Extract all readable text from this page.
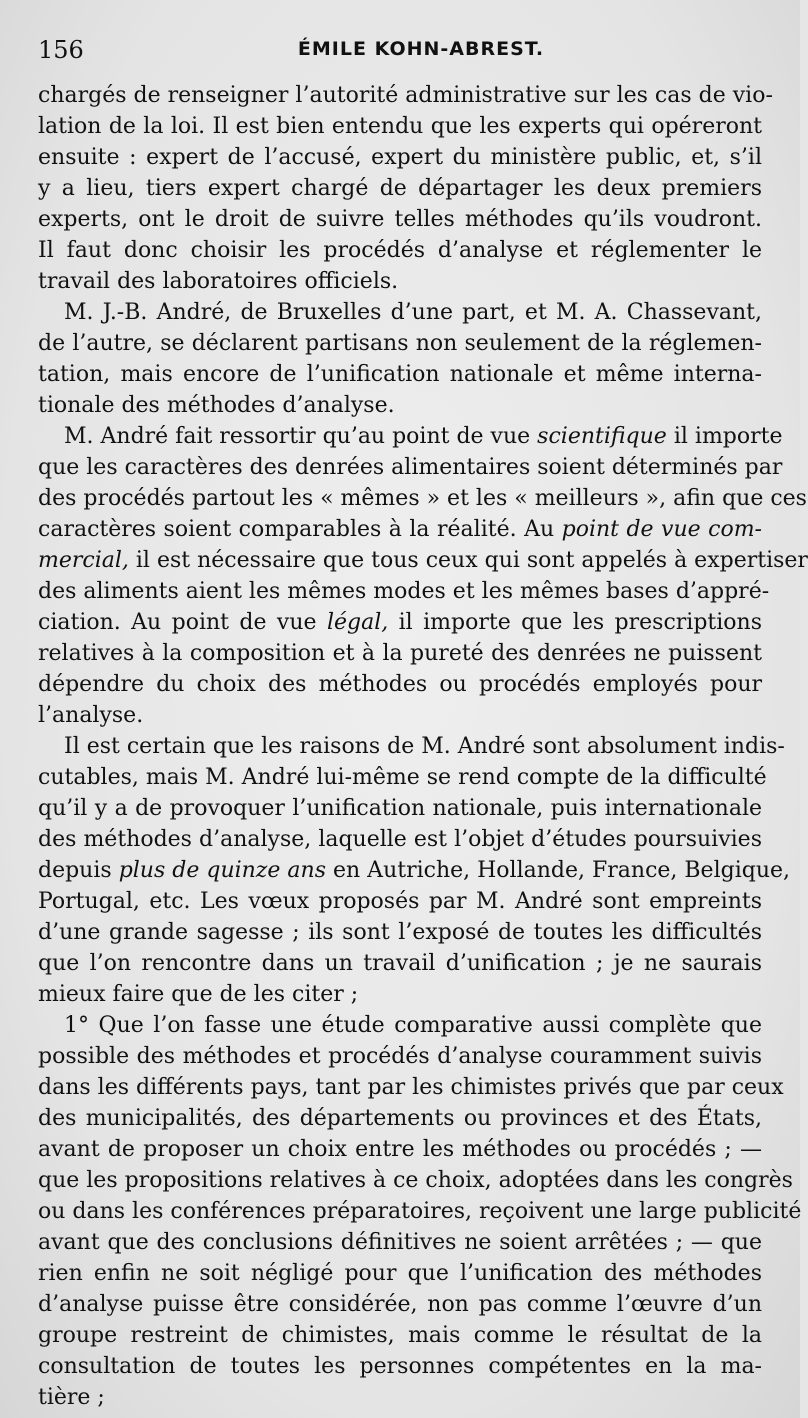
156	ÉMILE KOHN-ABREST.
chargés de renseigner l’autorité administrative sur les cas de vio-
lation de la loi. Il est bien entendu que les experts qui opéreront
ensuite : expert de l’accusé, expert du ministère public, et, s’il
y a lieu, tiers expert chargé de départager les deux premiers
experts, ont le droit de suivre telles méthodes qu’ils voudront.
Il faut donc choisir les procédés d’analyse et réglementer le
travail des laboratoires officiels.
M. J.-B. André, de Bruxelles d’une part, et M. A. Chassevant,
de l’autre, se déclarent partisans non seulement de la réglemen-
tation, mais encore de l’unification nationale et même interna-
tionale des méthodes d’analyse.
M. André fait ressortir qu’au point de vue scientifique il importe
que les caractères des denrées alimentaires soient déterminés par
des procédés partout les « mêmes » et les « meilleurs », afin que ces
caractères soient comparables à la réalité. Au point de vue com-
mercial, il est nécessaire que tous ceux qui sont appelés à expertiser
des aliments aient les mêmes modes et les mêmes bases d’appré-
ciation. Au point de vue légal, il importe que les prescriptions
relatives à la composition et à la pureté des denrées ne puissent
dépendre du choix des méthodes ou procédés employés pour
l’analyse.
Il est certain que les raisons de M. André sont absolument indis-
cutables, mais M. André lui-même se rend compte de la difficulté
qu’il y a de provoquer l’unification nationale, puis internationale
des méthodes d’analyse, laquelle est l’objet d’études poursuivies
depuis plus de quinze ans en Autriche, Hollande, France, Belgique,
Portugal, etc. Les vœux proposés par M. André sont empreints
d’une grande sagesse ; ils sont l’exposé de toutes les difficultés
que l’on rencontre dans un travail d’unification ; je ne saurais
mieux faire que de les citer ;
1° Que l’on fasse une étude comparative aussi complète que
possible des méthodes et procédés d’analyse couramment suivis
dans les différents pays, tant par les chimistes privés que par ceux
des municipalités, des départements ou provinces et des États,
avant de proposer un choix entre les méthodes ou procédés ; —
que les propositions relatives à ce choix, adoptées dans les congrès
ou dans les conférences préparatoires, reçoivent une large publicité
avant que des conclusions définitives ne soient arrêtées ; — que
rien enfin ne soit négligé pour que l’unification des méthodes
d’analyse puisse être considérée, non pas comme l’œuvre d’un
groupe restreint de chimistes, mais comme le résultat de la
consultation de toutes les personnes compétentes en la ma-
tière ;
